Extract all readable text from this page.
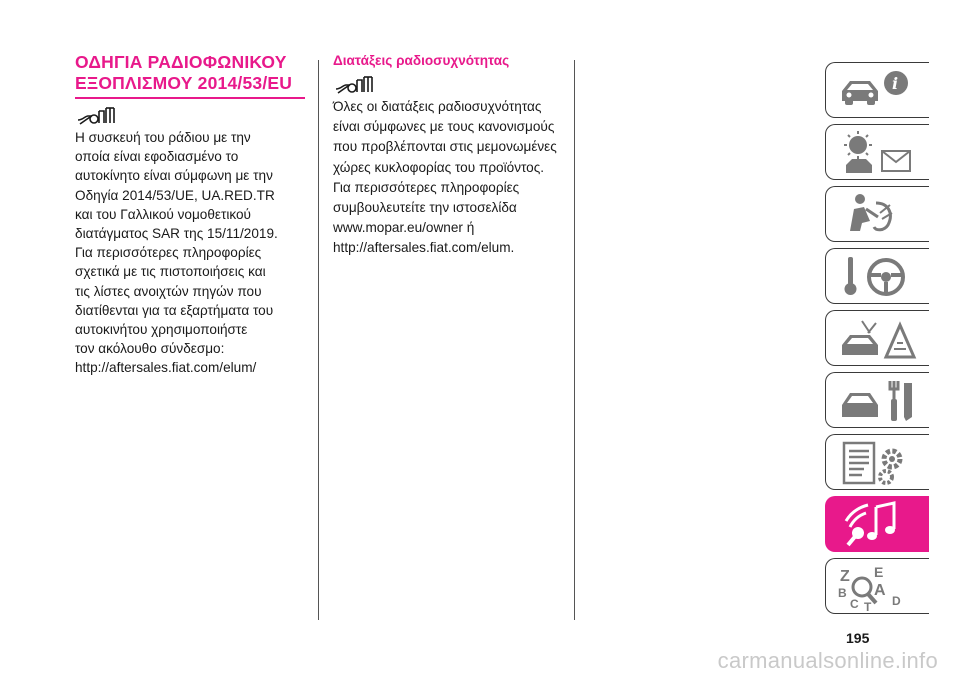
ΟΔΗΓΙΑ ΡΑΔΙΟΦΩΝΙΚΟΥ

ΕΞΟΠΛΙΣΜΟΥ 2014/53/EU

Η συσκευή του ράδιου με την

οποία είναι εφοδιασμένο το

αυτοκίνητο είναι σύμφωνη με την

Οδηγία 2014/53/UE, UA.RED.TR

και του Γαλλικού νομοθετικού

διατάγματος SAR της 15/11/2019.

Για περισσότερες πληροφορίες

σχετικά με τις πιστοποιήσεις και

τις λίστες ανοιχτών πηγών που

διατίθενται για τα εξαρτήματα του

αυτοκινήτου χρησιμοποιήστε

τον ακόλουθο σύνδεσμο:

http://aftersales.fiat.com/elum/

Διατάξεις ραδιοσυχνότητας

Όλες οι διατάξεις ραδιοσυχνότητας

είναι σύμφωνες με τους κανονισμούς

που προβλέπονται στις μεμονωμένες

χώρες κυκλοφορίας του προϊόντος.

Για περισσότερες πληροφορίες

συμβουλευτείτε την ιστοσελίδα

www.mopar.eu/owner ή

http://aftersales.fiat.com/elum.

i
Z E
B A
C	D
T
195
carmanualsonline.info
